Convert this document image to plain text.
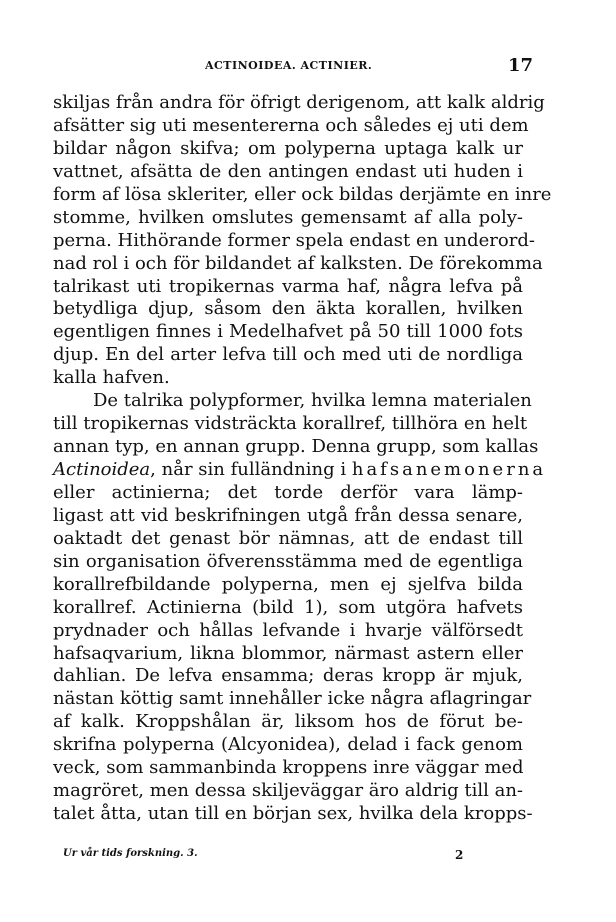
ACTINOIDEA. ACTINIER.	17
skiljas från andra för öfrigt derigenom, att kalk aldrig
afsätter sig uti mesentererna och således ej uti dem
bildar någon skifva; om polyperna uptaga kalk ur
vattnet, afsätta de den antingen endast uti huden i
form af lösa skleriter, eller ock bildas derjämte en inre
stomme, hvilken omslutes gemensamt af alla poly-
perna. Hithörande former spela endast en underord-
nad rol i och för bildandet af kalksten. De förekomma
talrikast uti tropikernas varma haf, några lefva på
betydliga djup, såsom den äkta korallen, hvilken
egentligen finnes i Medelhafvet på 50 till 1000 fots
djup. En del arter lefva till och med uti de nordliga
kalla hafven.
De talrika polypformer, hvilka lemna materialen
till tropikernas vidsträckta korallref, tillhöra en helt
annan typ, en annan grupp. Denna grupp, som kallas
Actinoidea, når sin fulländning i hafsanemonerna
eller actinierna; det torde derför vara lämp-
ligast att vid beskrifningen utgå från dessa senare,
oaktadt det genast bör nämnas, att de endast till
sin organisation öfverensstämma med de egentliga
korallrefbildande polyperna, men ej sjelfva bilda
korallref. Actinierna (bild 1), som utgöra hafvets
prydnader och hållas lefvande i hvarje välförsedt
hafsaqvarium, likna blommor, närmast astern eller
dahlian. De lefva ensamma; deras kropp är mjuk,
nästan köttig samt innehåller icke några aflagringar
af kalk. Kroppshålan är, liksom hos de förut be-
skrifna polyperna (Alcyonidea), delad i fack genom
veck, som sammanbinda kroppens inre väggar med
magröret, men dessa skiljeväggar äro aldrig till an-
talet åtta, utan till en början sex, hvilka dela kropps-
Ur vår tids forskning. 3.	2
